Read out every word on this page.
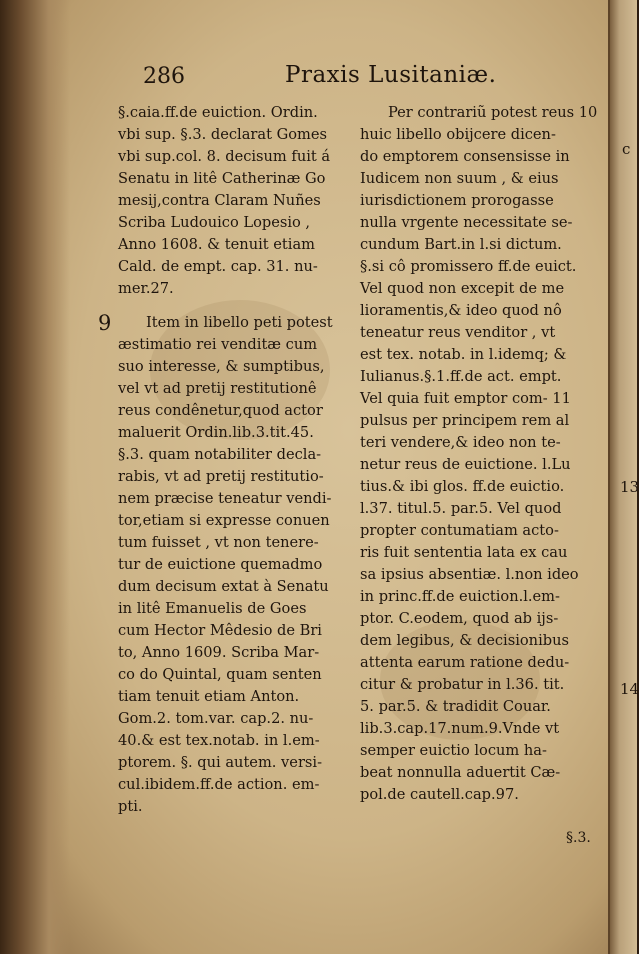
c
13
14
286	Praxis Lusitaniæ.
9
§.caia.ff.de euiction. Ordin.
vbi sup. §.3. declarat Gomes
vbi sup.col. 8. decisum fuit á
Senatu in litê Catherinæ Go
mesij,contra Claram Nuñes
Scriba Ludouico Lopesio ,
Anno 1608. & tenuit etiam
Cald. de empt. cap. 31. nu-
mer.27.
Item in libello peti potest
æstimatio rei venditæ cum
suo interesse, & sumptibus,
vel vt ad pretij restitutionê
reus condênetur,quod actor
maluerit Ordin.lib.3.tit.45.
§.3. quam notabiliter decla-
rabis, vt ad pretij restitutio-
nem præcise teneatur vendi-
tor,etiam si expresse conuen
tum fuisset , vt non tenere-
tur de euictione quemadmo
dum decisum extat à Senatu
in litê Emanuelis de Goes
cum Hector Mêdesio de Bri
to, Anno 1609. Scriba Mar-
co do Quintal, quam senten
tiam tenuit etiam Anton.
Gom.2. tom.var. cap.2. nu-
40.& est tex.notab. in l.em-
ptorem. §. qui autem. versi-
cul.ibidem.ff.de action. em-
pti.
Per contrariũ potest reus 10
huic libello obijcere dicen-
do emptorem consensisse in
Iudicem non suum , & eius
iurisdictionem prorogasse
nulla vrgente necessitate se-
cundum Bart.in l.si dictum.
§.si cô promissero ff.de euict.
Vel quod non excepit de me
lioramentis,& ideo quod nô
teneatur reus venditor , vt
est tex. notab. in l.idemq; &
Iulianus.§.1.ff.de act. empt.
Vel quia fuit emptor com- 11
pulsus per principem rem al
teri vendere,& ideo non te-
netur reus de euictione. l.Lu
tius.& ibi glos. ff.de euictio.
l.37. titul.5. par.5. Vel quod
propter contumatiam acto-
ris fuit sententia lata ex cau
sa ipsius absentiæ. l.non ideo
in princ.ff.de euiction.l.em-
ptor. C.eodem, quod ab ijs-
dem legibus, & decisionibus
attenta earum ratione dedu-
citur & probatur in l.36. tit.
5. par.5. & tradidit Couar.
lib.3.cap.17.num.9.Vnde vt
semper euictio locum ha-
beat nonnulla aduertit Cæ-
pol.de cautell.cap.97.
§.3.
